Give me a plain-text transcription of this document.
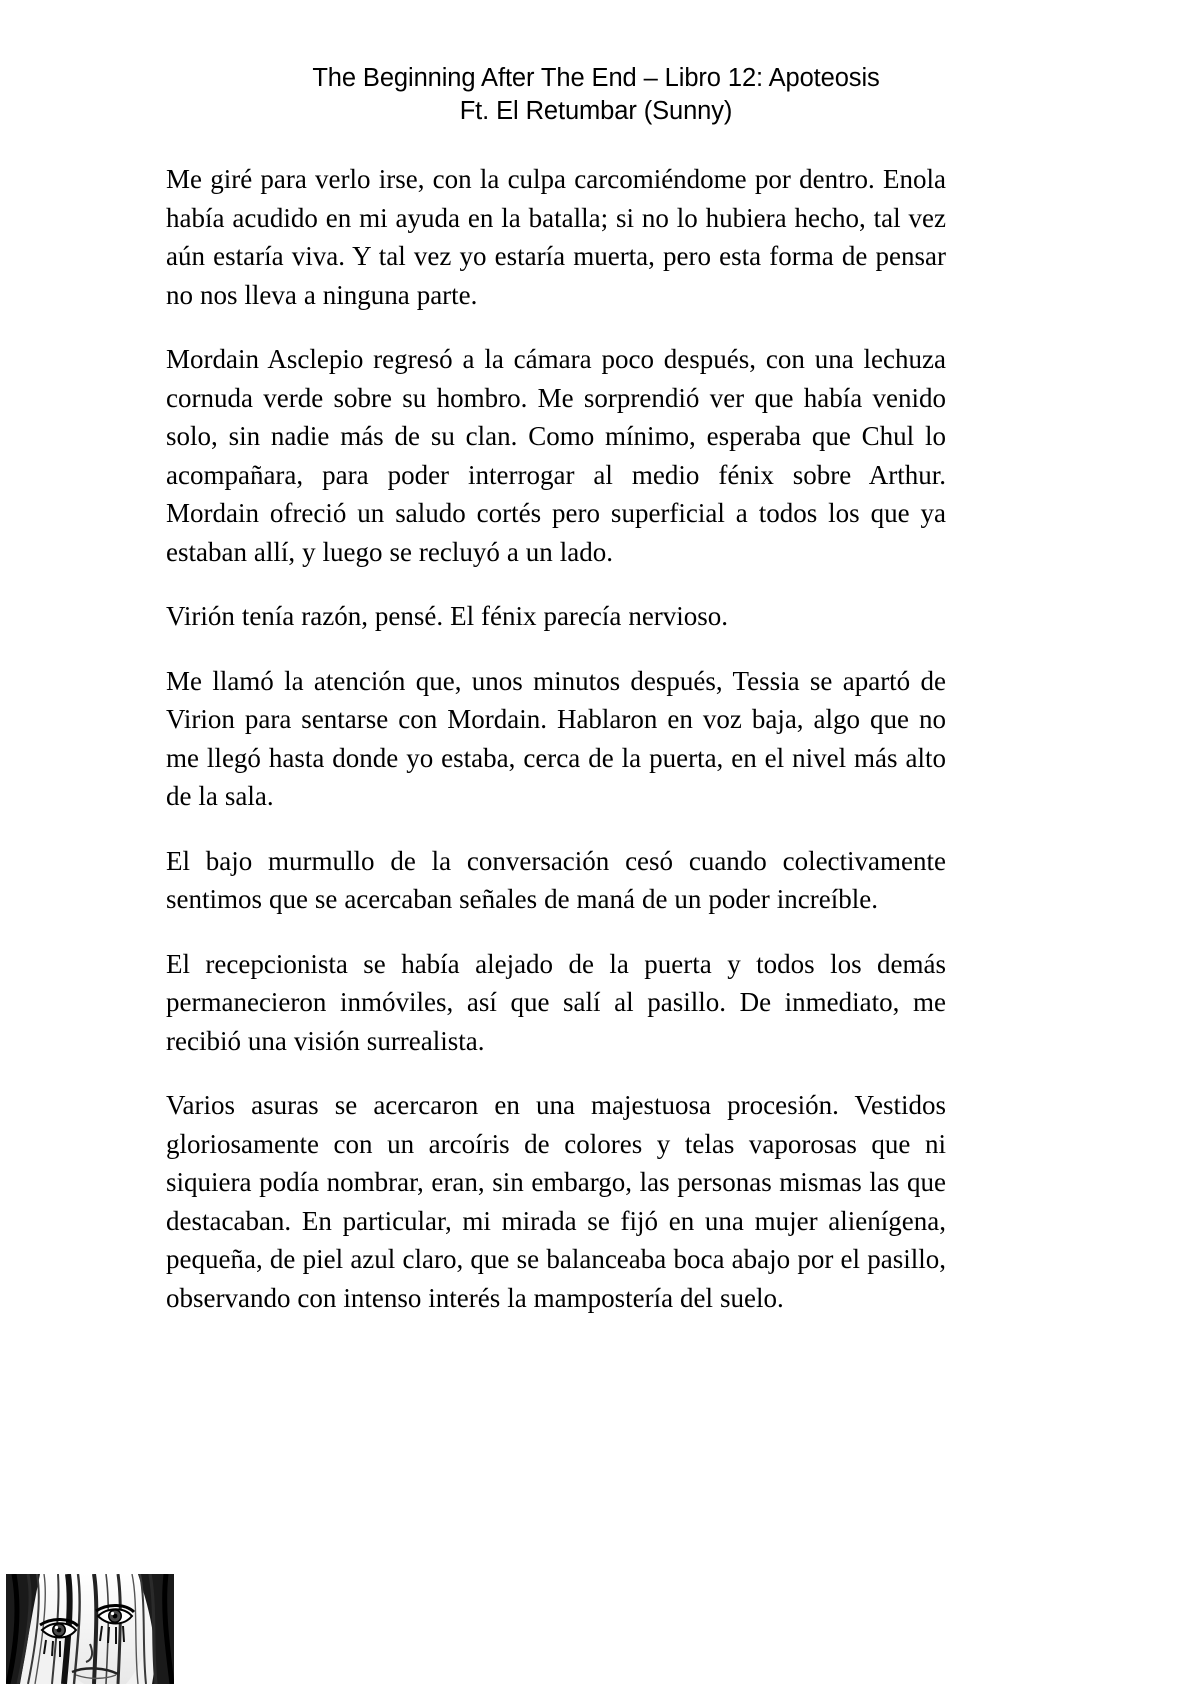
The Beginning After The End – Libro 12: Apoteosis
Ft. El Retumbar (Sunny)

Me giré para verlo irse, con la culpa carcomiéndome por dentro. Enola había acudido en mi ayuda en la batalla; si no lo hubiera hecho, tal vez aún estaría viva. Y tal vez yo estaría muerta, pero esta forma de pensar no nos lleva a ninguna parte.

Mordain Asclepio regresó a la cámara poco después, con una lechuza cornuda verde sobre su hombro. Me sorprendió ver que había venido solo, sin nadie más de su clan. Como mínimo, esperaba que Chul lo acompañara, para poder interrogar al medio fénix sobre Arthur. Mordain ofreció un saludo cortés pero superficial a todos los que ya estaban allí, y luego se recluyó a un lado.

Virión tenía razón, pensé. El fénix parecía nervioso.

Me llamó la atención que, unos minutos después, Tessia se apartó de Virion para sentarse con Mordain. Hablaron en voz baja, algo que no me llegó hasta donde yo estaba, cerca de la puerta, en el nivel más alto de la sala.

El bajo murmullo de la conversación cesó cuando colectivamente sentimos que se acercaban señales de maná de un poder increíble.

El recepcionista se había alejado de la puerta y todos los demás permanecieron inmóviles, así que salí al pasillo. De inmediato, me recibió una visión surrealista.

Varios asuras se acercaron en una majestuosa procesión. Vestidos gloriosamente con un arcoíris de colores y telas vaporosas que ni siquiera podía nombrar, eran, sin embargo, las personas mismas las que destacaban. En particular, mi mirada se fijó en una mujer alienígena, pequeña, de piel azul claro, que se balanceaba boca abajo por el pasillo, observando con intenso interés la mampostería del suelo.
